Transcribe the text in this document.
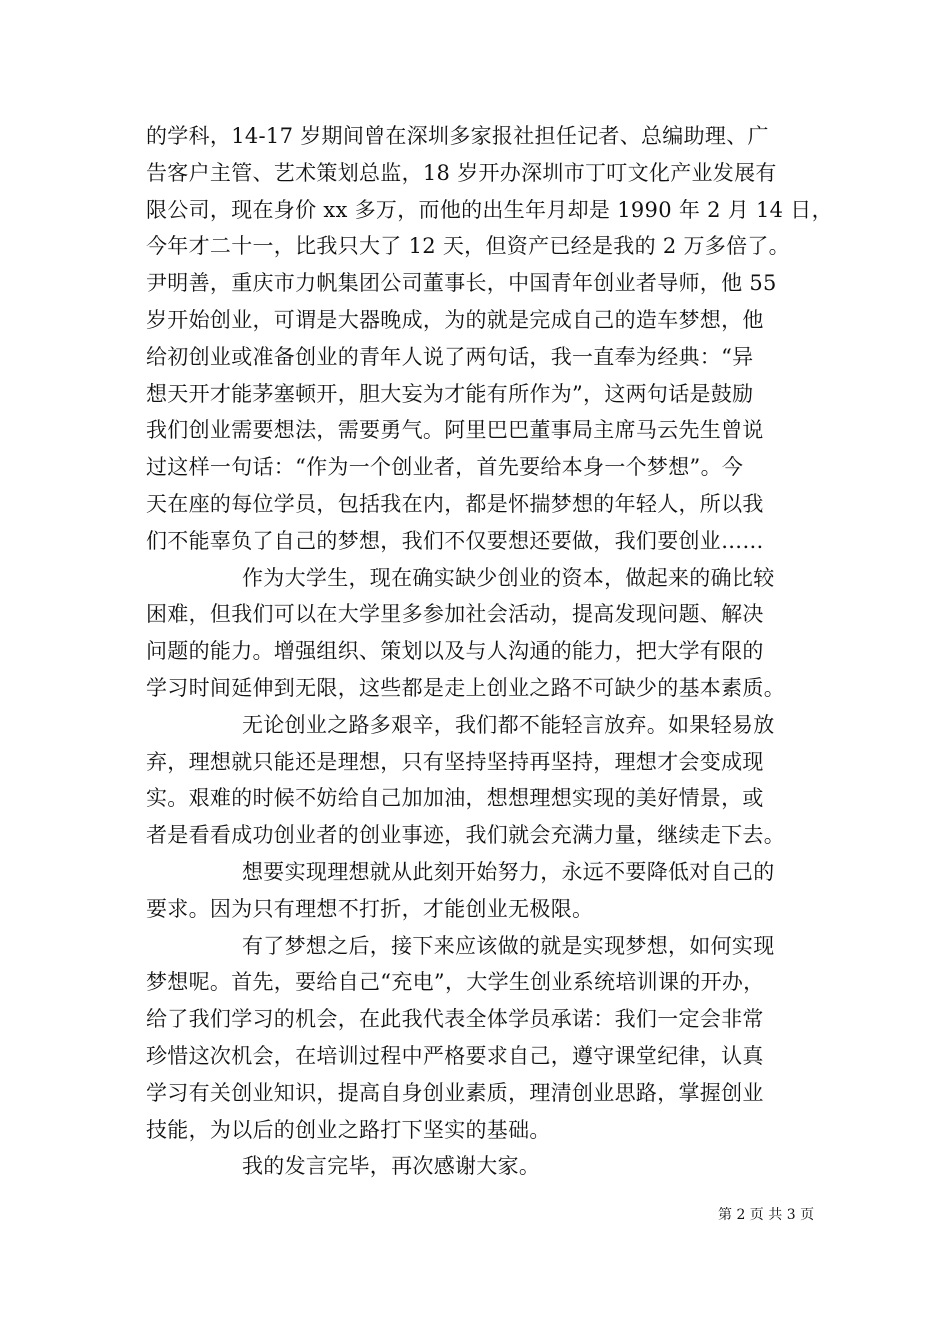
的学科，14-17 岁期间曾在深圳多家报社担任记者、总编助理、广
告客户主管、艺术策划总监，18 岁开办深圳市丁叮文化产业发展有
限公司，现在身价 xx 多万，而他的出生年月却是 1990 年 2 月 14 日，
今年才二十一，比我只大了 12 天，但资产已经是我的 2 万多倍了。
尹明善，重庆市力帆集团公司董事长，中国青年创业者导师，他 55
岁开始创业，可谓是大器晚成，为的就是完成自己的造车梦想，他
给初创业或准备创业的青年人说了两句话，我一直奉为经典：“异
想天开才能茅塞顿开，胆大妄为才能有所作为”，这两句话是鼓励
我们创业需要想法，需要勇气。阿里巴巴董事局主席马云先生曾说
过这样一句话：“作为一个创业者，首先要给本身一个梦想”。今
天在座的每位学员，包括我在内，都是怀揣梦想的年轻人，所以我
们不能辜负了自己的梦想，我们不仅要想还要做，我们要创业……
作为大学生，现在确实缺少创业的资本，做起来的确比较
困难，但我们可以在大学里多参加社会活动，提高发现问题、解决
问题的能力。增强组织、策划以及与人沟通的能力，把大学有限的
学习时间延伸到无限，这些都是走上创业之路不可缺少的基本素质。
无论创业之路多艰辛，我们都不能轻言放弃。如果轻易放
弃，理想就只能还是理想，只有坚持坚持再坚持，理想才会变成现
实。艰难的时候不妨给自己加加油，想想理想实现的美好情景，或
者是看看成功创业者的创业事迹，我们就会充满力量，继续走下去。
想要实现理想就从此刻开始努力，永远不要降低对自己的
要求。因为只有理想不打折，才能创业无极限。
有了梦想之后，接下来应该做的就是实现梦想，如何实现
梦想呢。首先，要给自己“充电”，大学生创业系统培训课的开办，
给了我们学习的机会，在此我代表全体学员承诺：我们一定会非常
珍惜这次机会，在培训过程中严格要求自己，遵守课堂纪律，认真
学习有关创业知识，提高自身创业素质，理清创业思路，掌握创业
技能，为以后的创业之路打下坚实的基础。
我的发言完毕，再次感谢大家。
第 2 页 共 3 页
